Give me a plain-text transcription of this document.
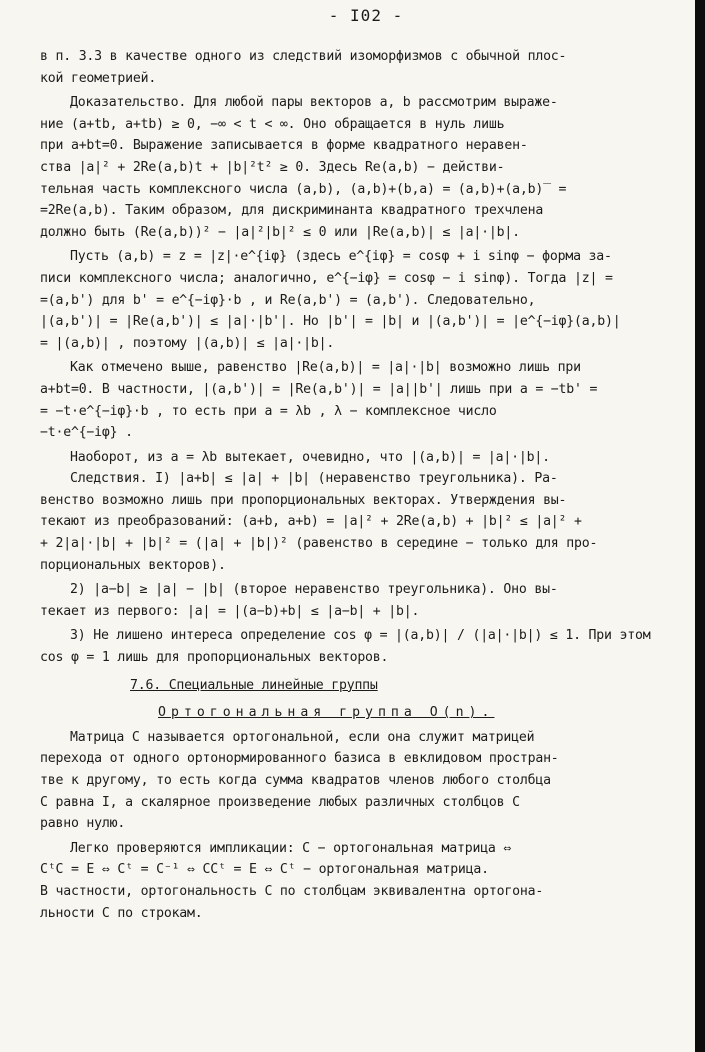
- I02 -
в п. 3.3 в качестве одного из следствий изоморфизмов с обычной плос-
кой геометрией.
Доказательство. Для любой пары векторов a, b рассмотрим выраже-
ние (a+tb, a+tb) ≥ 0, −∞ < t < ∞. Оно обращается в нуль лишь
при a+bt=0. Выражение записывается в форме квадратного неравен-
ства |a|² + 2Re(a,b)t + |b|²t² ≥ 0. Здесь Re(a,b) − действи-
тельная часть комплексного числа (a,b), (a,b)+(b,a) = (a,b)+(a,b)‾ =
=2Re(a,b). Таким образом, для дискриминанта квадратного трехчлена
должно быть (Re(a,b))² − |a|²|b|² ≤ 0 или |Re(a,b)| ≤ |a|·|b|.
Пусть (a,b) = z = |z|·e^{iφ} (здесь e^{iφ} = cosφ + i sinφ − форма за-
писи комплексного числа; аналогично, e^{−iφ} = cosφ − i sinφ). Тогда |z| =
=(a,b') для b' = e^{−iφ}·b , и Re(a,b') = (a,b'). Следовательно,
|(a,b')| = |Re(a,b')| ≤ |a|·|b'|. Но |b'| = |b| и |(a,b')| = |e^{−iφ}(a,b)|
= |(a,b)| , поэтому |(a,b)| ≤ |a|·|b|.
Как отмечено выше, равенство |Re(a,b)| = |a|·|b| возможно лишь при
a+bt=0. В частности, |(a,b')| = |Re(a,b')| = |a||b'| лишь при a = −tb' =
= −t·e^{−iφ}·b , то есть при a = λb , λ − комплексное число
−t·e^{−iφ} .
Наоборот, из a = λb вытекает, очевидно, что |(a,b)| = |a|·|b|.
Следствия. I) |a+b| ≤ |a| + |b| (неравенство треугольника). Ра-
венство возможно лишь при пропорциональных векторах. Утверждения вы-
текают из преобразований: (a+b, a+b) = |a|² + 2Re(a,b) + |b|² ≤ |a|² +
+ 2|a|·|b| + |b|² = (|a| + |b|)² (равенство в середине − только для про-
порциональных векторов).
2) |a−b| ≥ |a| − |b| (второе неравенство треугольника). Оно вы-
текает из первого: |a| = |(a−b)+b| ≤ |a−b| + |b|.
3) Не лишено интереса определение cos φ = |(a,b)| / (|a|·|b|) ≤ 1. При этом
cos φ = 1 лишь для пропорциональных векторов.
7.6. Специальные линейные группы
Ортогональная группа O(n).
Матрица C называется ортогональной, если она служит матрицей
перехода от одного ортонормированного базиса в евклидовом простран-
тве к другому, то есть когда сумма квадратов членов любого столбца
C равна I, а скалярное произведение любых различных столбцов C
равно нулю.
Легко проверяются импликации: C − ортогональная матрица ⇔
CᵗC = E ⇔ Cᵗ = C⁻¹ ⇔ CCᵗ = E ⇔ Cᵗ − ортогональная матрица.
В частности, ортогональность C по столбцам эквивалентна ортогона-
льности C по строкам.
